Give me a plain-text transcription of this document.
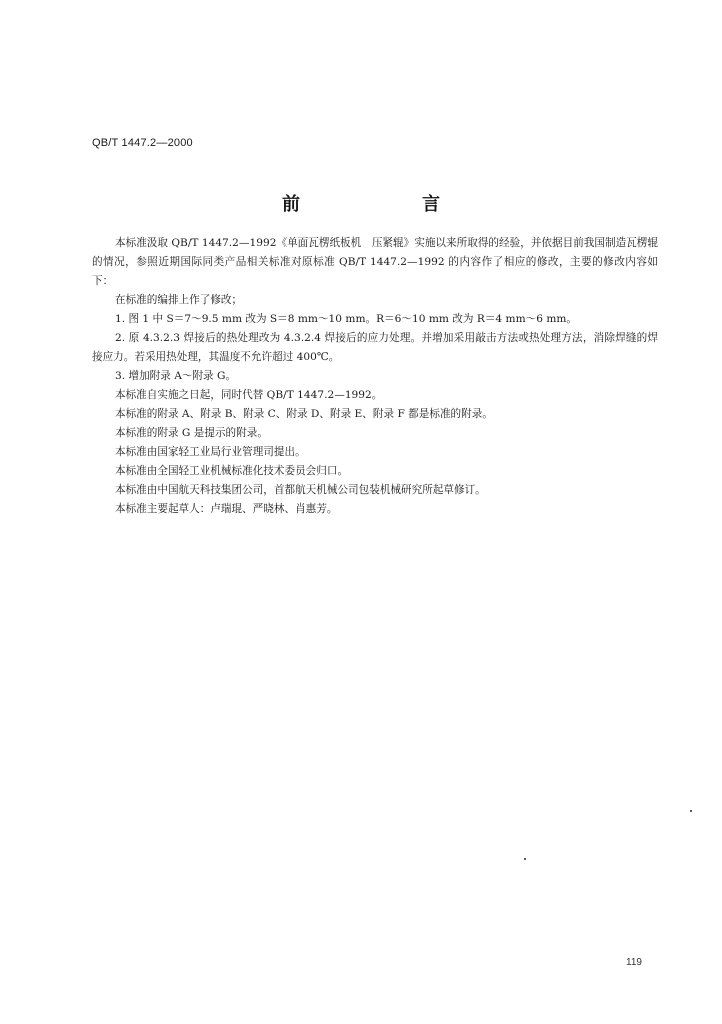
QB/T 1447.2—2000
前　言

本标准汲取 QB/T 1447.2—1992《单面瓦楞纸板机　压紧辊》实施以来所取得的经验，并依据目前我国制造瓦楞辊的情况，参照近期国际同类产品相关标准对原标准 QB/T 1447.2—1992 的内容作了相应的修改，主要的修改内容如下：

在标准的编排上作了修改；

1. 图 1 中 S＝7～9.5 mm 改为 S＝8 mm～10 mm。R＝6～10 mm 改为 R＝4 mm～6 mm。

2. 原 4.3.2.3 焊接后的热处理改为 4.3.2.4 焊接后的应力处理。并增加采用敲击方法或热处理方法，消除焊缝的焊接应力。若采用热处理，其温度不允许超过 400℃。

3. 增加附录 A～附录 G。

本标准自实施之日起，同时代替 QB/T 1447.2—1992。

本标准的附录 A、附录 B、附录 C、附录 D、附录 E、附录 F 都是标准的附录。

本标准的附录 G 是提示的附录。

本标准由国家轻工业局行业管理司提出。

本标准由全国轻工业机械标准化技术委员会归口。

本标准由中国航天科技集团公司，首都航天机械公司包装机械研究所起草修订。

本标准主要起草人：卢瑞琨、严晓林、肖惠芳。

119
